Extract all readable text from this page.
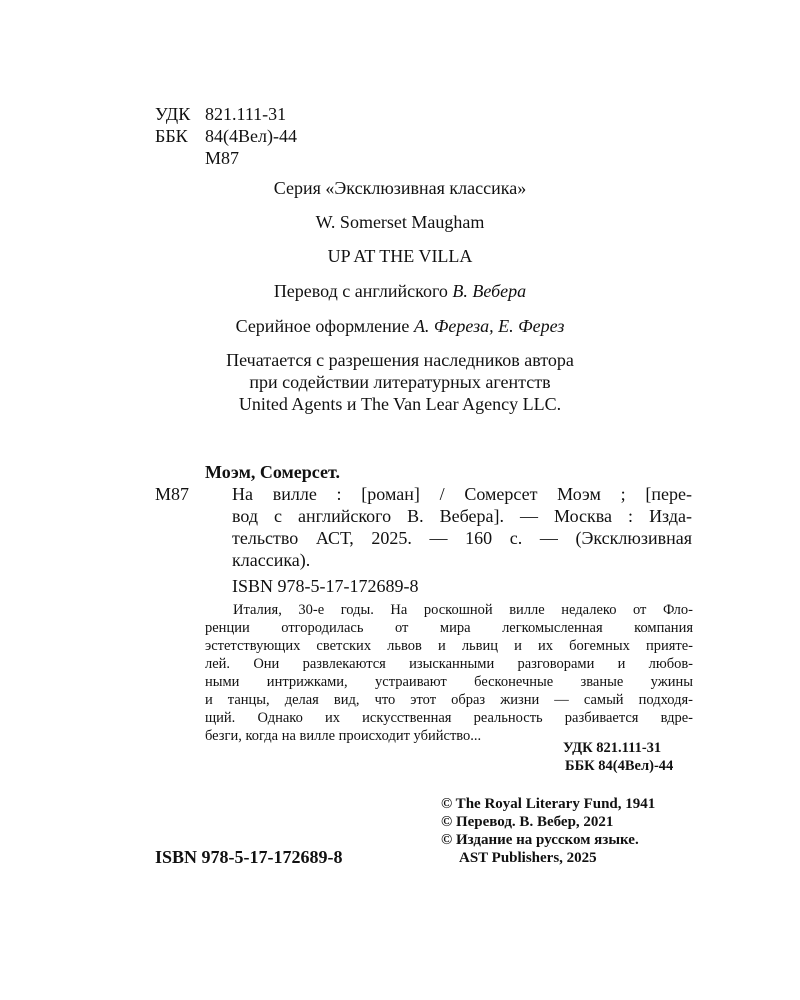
УДК 821.111-31
ББК 84(4Вел)-44
М87
Серия «Эксклюзивная классика»
W. Somerset Maugham
UP AT THE VILLA
Перевод с английского В. Вебера
Серийное оформление А. Фереза, Е. Ферез
Печатается с разрешения наследников автора
при содействии литературных агентств
United Agents и The Van Lear Agency LLC.
Моэм, Сомерсет.
М87 На вилле : [роман] / Сомерсет Моэм ; [пере-
вод с английского В. Вебера]. — Москва : Изда-
тельство АСТ, 2025. — 160 с. — (Эксклюзивная
классика).
ISBN 978-5-17-172689-8
Италия, 30-е годы. На роскошной вилле недалеко от Фло-
ренции отгородилась от мира легкомысленная компания
эстетствующих светских львов и львиц и их богемных прияте-
лей. Они развлекаются изысканными разговорами и любов-
ными интрижками, устраивают бесконечные званые ужины
и танцы, делая вид, что этот образ жизни — самый подходя-
щий. Однако их искусственная реальность разбивается вдре-
безги, когда на вилле происходит убийство...
УДК 821.111-31
ББК 84(4Вел)-44
© The Royal Literary Fund, 1941
© Перевод. В. Вебер, 2021
© Издание на русском языке.
AST Publishers, 2025
ISBN 978-5-17-172689-8
